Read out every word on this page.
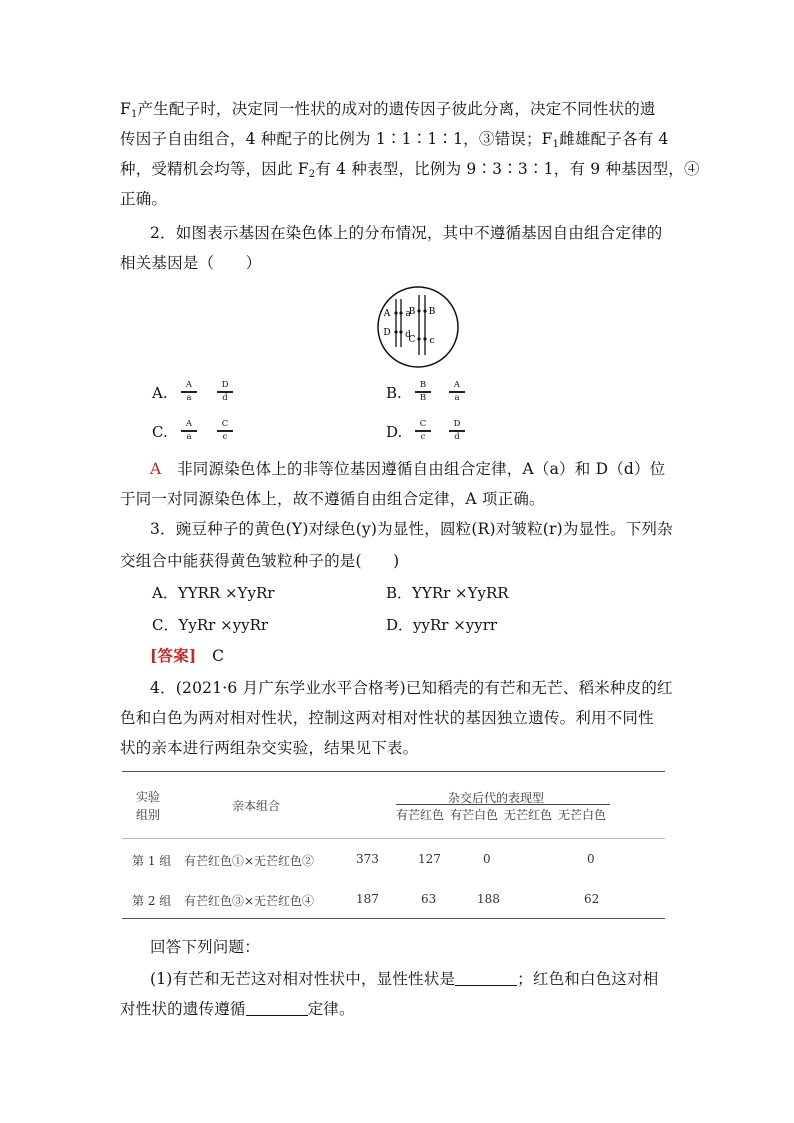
$F_1$产生配子时，决定同一性状的成对的遗传因子彼此分离，决定不同性状的遗
传因子自由组合，4 种配子的比例为 1∶1∶1∶1，③错误；$F_1$雌雄配子各有 4
种，受精机会均等，因此 $F_2$有 4 种表型，比例为 9∶3∶3∶1，有 9 种基因型，④
正确。
2．如图表示基因在染色体上的分布情况，其中不遵循基因自由组合定律的
相关基因是（　　）
A a
D d
B B
C c
A.	A
a
D
d	B.	B
B
A
a
C.	A
a
C
c	D.	C
c
D
d
A　 非同源染色体上的非等位基因遵循自由组合定律，A（a）和 D（d）位
于同一对同源染色体上，故不遵循自由组合定律，A 项正确。
3．豌豆种子的黄色(Y)对绿色(y)为显性，圆粒(R)对皱粒(r)为显性。下列杂
交组合中能获得黄色皱粒种子的是(　　)
A．YYRR ×YyRr	B．YYRr ×YyRR
C．YyRr ×yyRr	D．yyRr ×yyrr
[答案]　 C
4．(2021·6 月广东学业水平合格考)已知稻壳的有芒和无芒、稻米种皮的红
色和白色为两对相对性状，控制这两对相对性状的基因独立遗传。利用不同性
状的亲本进行两组杂交实验，结果见下表。
实验
组别
亲本组合
杂交后代的表现型
有芒红色 有芒白色 无芒红色 无芒白色
第 1 组 有芒红色①×无芒红色②	373	127	0	0
第 2 组 有芒红色③×无芒红色④	187	63	188	62
回答下列问题：
(1)有芒和无芒这对相对性状中，显性性状是	；红色和白色这对相
对性状的遗传遵循	定律。
